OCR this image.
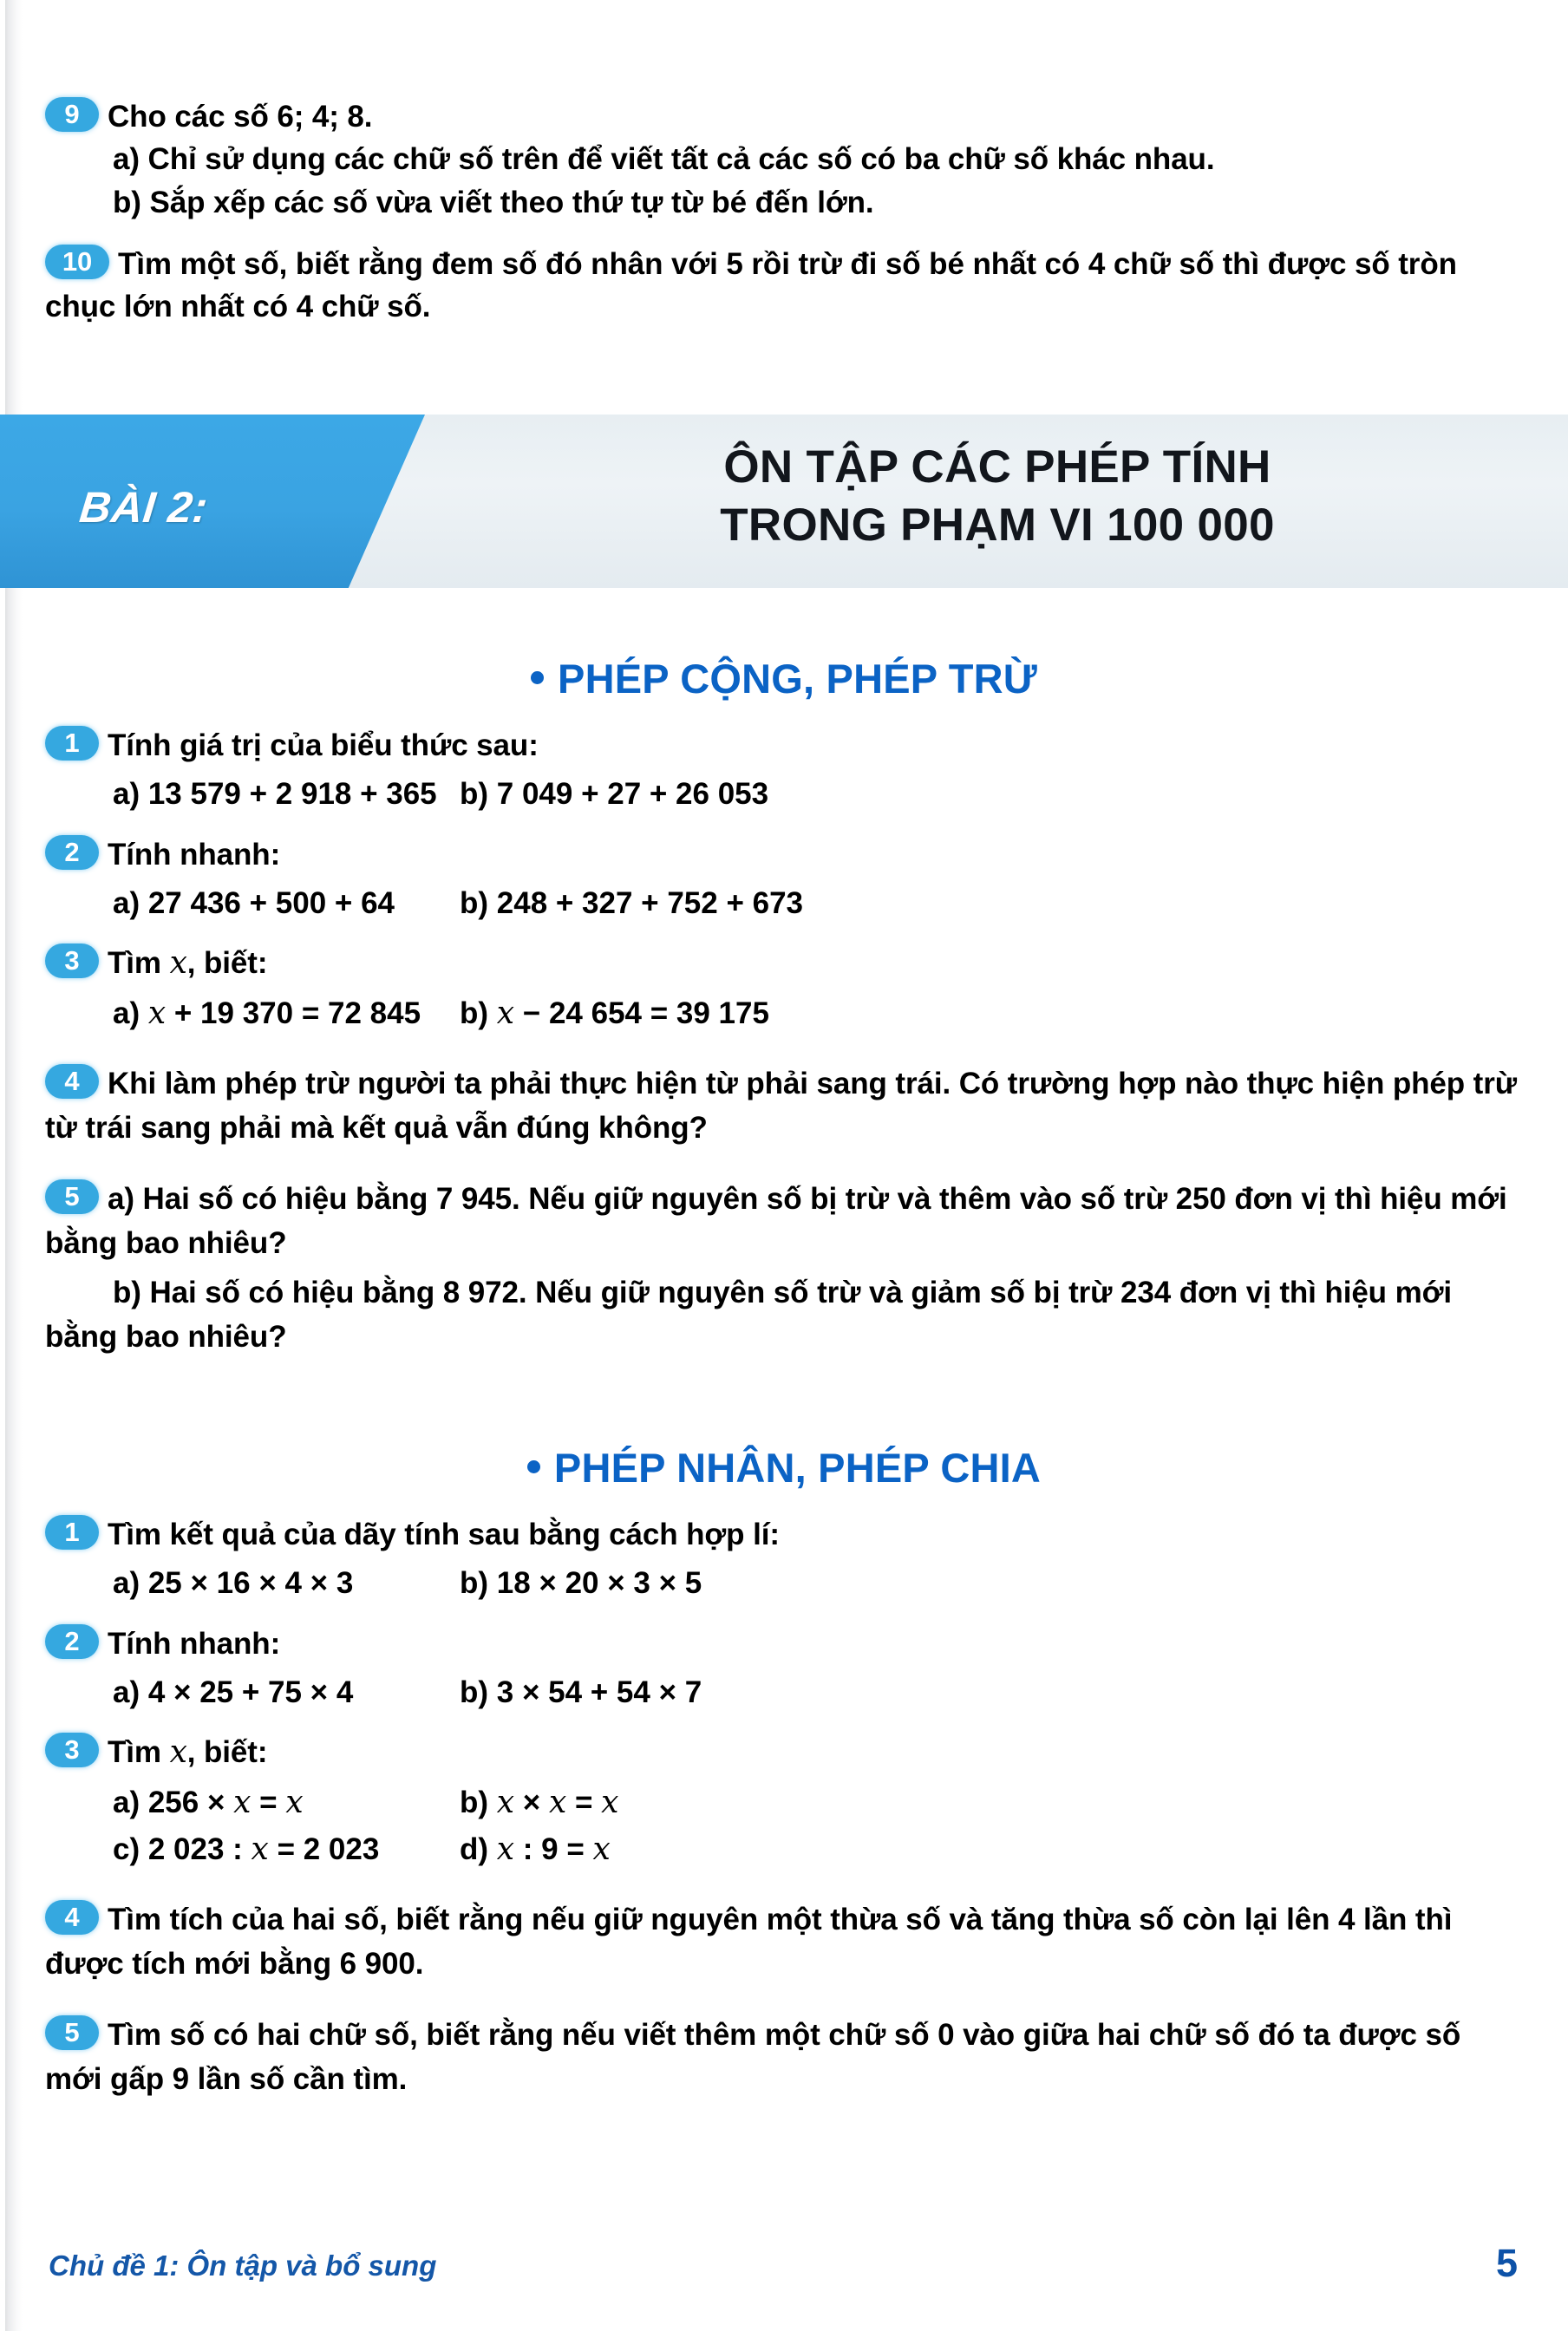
9 Cho các số 6; 4; 8.
a) Chỉ sử dụng các chữ số trên để viết tất cả các số có ba chữ số khác nhau.
b) Sắp xếp các số vừa viết theo thứ tự từ bé đến lớn.
10 Tìm một số, biết rằng đem số đó nhân với 5 rồi trừ đi số bé nhất có 4 chữ số thì được số tròn chục lớn nhất có 4 chữ số.
BÀI 2:
ÔN TẬP CÁC PHÉP TÍNH
TRONG PHẠM VI 100 000
PHÉP CỘNG, PHÉP TRỪ
1 Tính giá trị của biểu thức sau:
a) 13 579 + 2 918 + 365 b) 7 049 + 27 + 26 053
2 Tính nhanh:
a) 27 436 + 500 + 64	b) 248 + 327 + 752 + 673
3 Tìm x, biết:
a) x + 19 370 = 72 845	b) x − 24 654 = 39 175
4 Khi làm phép trừ người ta phải thực hiện từ phải sang trái. Có trường hợp nào thực hiện phép trừ từ trái sang phải mà kết quả vẫn đúng không?
5 a) Hai số có hiệu bằng 7 945. Nếu giữ nguyên số bị trừ và thêm vào số trừ 250 đơn vị thì hiệu mới bằng bao nhiêu?
b) Hai số có hiệu bằng 8 972. Nếu giữ nguyên số trừ và giảm số bị trừ 234 đơn vị thì hiệu mới bằng bao nhiêu?
PHÉP NHÂN, PHÉP CHIA
1 Tìm kết quả của dãy tính sau bằng cách hợp lí:
a) 25 × 16 × 4 × 3	b) 18 × 20 × 3 × 5
2 Tính nhanh:
a) 4 × 25 + 75 × 4	b) 3 × 54 + 54 × 7
3 Tìm x, biết:
a) 256 × x = x	b) x × x = x
c) 2 023 : x = 2 023	d) x : 9 = x
4 Tìm tích của hai số, biết rằng nếu giữ nguyên một thừa số và tăng thừa số còn lại lên 4 lần thì được tích mới bằng 6 900.
5 Tìm số có hai chữ số, biết rằng nếu viết thêm một chữ số 0 vào giữa hai chữ số đó ta được số mới gấp 9 lần số cần tìm.
Chủ đề 1: Ôn tập và bổ sung	5
